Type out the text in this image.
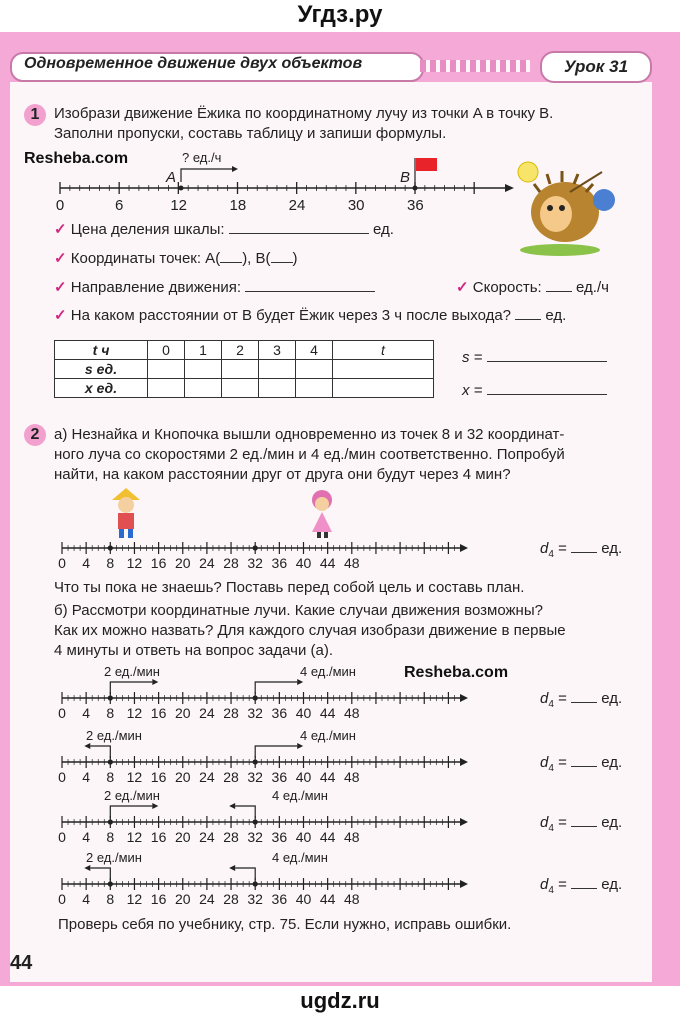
Угдз.ру
Одновременное движение двух объектов	Урок 31
1 Изобрази движение Ёжика по координатному лучу из точки A в точку B.
Заполни пропуски, составь таблицу и запиши формулы.
Resheba.com	? ед./ч
A	B
0	6	12	18	24	30	36
✓ Цена деления шкалы:	ед.
✓ Координаты точек: A( ), B( )
✓ Направление движения:	✓ Скорость: ед./ч
✓ На каком расстоянии от B будет Ёжик через 3 ч после выхода? ед.
t ч	0	1	2	3	4	t
s ед.						
x ед.						
s =
x =
2 а) Незнайка и Кнопочка вышли одновременно из точек 8 и 32 координат-
ного луча со скоростями 2 ед./мин и 4 ед./мин соответственно. Попробуй
найти, на каком расстоянии друг от друга они будут через 4 мин?
0	4	8 12 16 20 24 28 32 36 40 44 48
$d_4$ = ед.
0	4	8 12 16 20 24 28 32 36 40 44 48
2 ед./мин	4 ед./мин
$d_4$ = ед.
0	4	8 12 16 20 24 28 32 36 40 44 48
2 ед./мин	4 ед./мин
$d_4$ = ед.
0	4	8 12 16 20 24 28 32 36 40 44 48
2 ед./мин	4 ед./мин
$d_4$ = ед.
0	4	8 12 16 20 24 28 32 36 40 44 48
2 ед./мин	4 ед./мин
$d_4$ = ед.
Что ты пока не знаешь? Поставь перед собой цель и составь план.
б) Рассмотри координатные лучи. Какие случаи движения возможны?
Как их можно назвать? Для каждого случая изобрази движение в первые
4 минуты и ответь на вопрос задачи (а).
Resheba.com
Проверь себя по учебнику, стр. 75. Если нужно, исправь ошибки.
44
ugdz.ru
